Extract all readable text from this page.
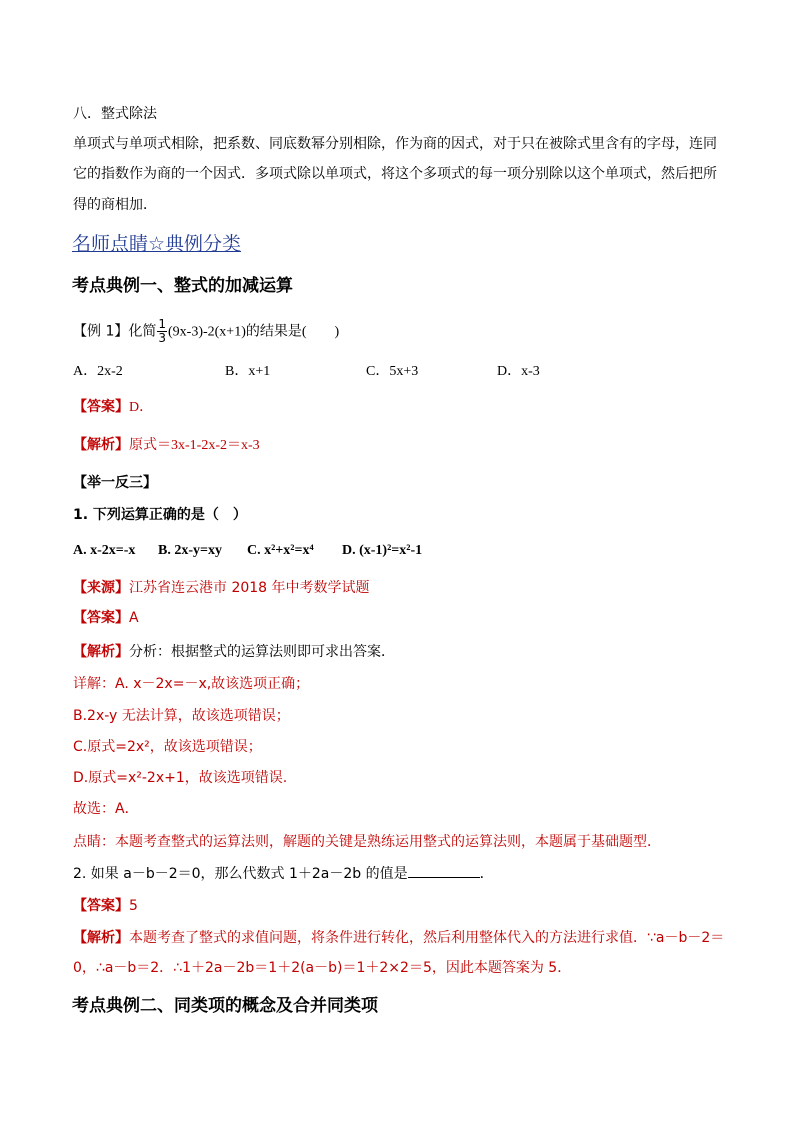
八．整式除法
单项式与单项式相除，把系数、同底数幂分别相除，作为商的因式，对于只在被除式里含有的字母，连同
它的指数作为商的一个因式．多项式除以单项式，将这个多项式的每一项分别除以这个单项式，然后把所
得的商相加．
名师点睛☆典例分类
考点典例一、整式的加减运算
【例 1】化简 $\frac{1}{3} (9x-3)-2(x+1)$的结果是(　　)
A．2x-2	B．x+1	C．5x+3	D．x-3
【答案】D．
【解析】原式＝3x-1-2x-2＝x-3
【举一反三】
1. 下列运算正确的是（　）
A. x-2x=-x B. 2x-y=xy C. x²+x²=x⁴ D. (x-1)²=x²-1
【来源】江苏省连云港市 2018 年中考数学试题
【答案】A
【解析】分析：根据整式的运算法则即可求出答案．
详解：A. x－2x=－x,故该选项正确；
B.2x-y 无法计算，故该选项错误；
C.原式=2x²，故该选项错误；
D.原式=x²-2x+1，故该选项错误.
故选：A．
点睛：本题考查整式的运算法则，解题的关键是熟练运用整式的运算法则，本题属于基础题型．
2. 如果 a－b－2＝0，那么代数式 1＋2a－2b 的值是	．
【答案】5
【解析】本题考查了整式的求值问题，将条件进行转化，然后利用整体代入的方法进行求值．∵a－b－2＝
0，∴a－b＝2．∴1＋2a－2b＝1＋2(a－b)＝1＋2×2＝5，因此本题答案为 5．
考点典例二、同类项的概念及合并同类项
